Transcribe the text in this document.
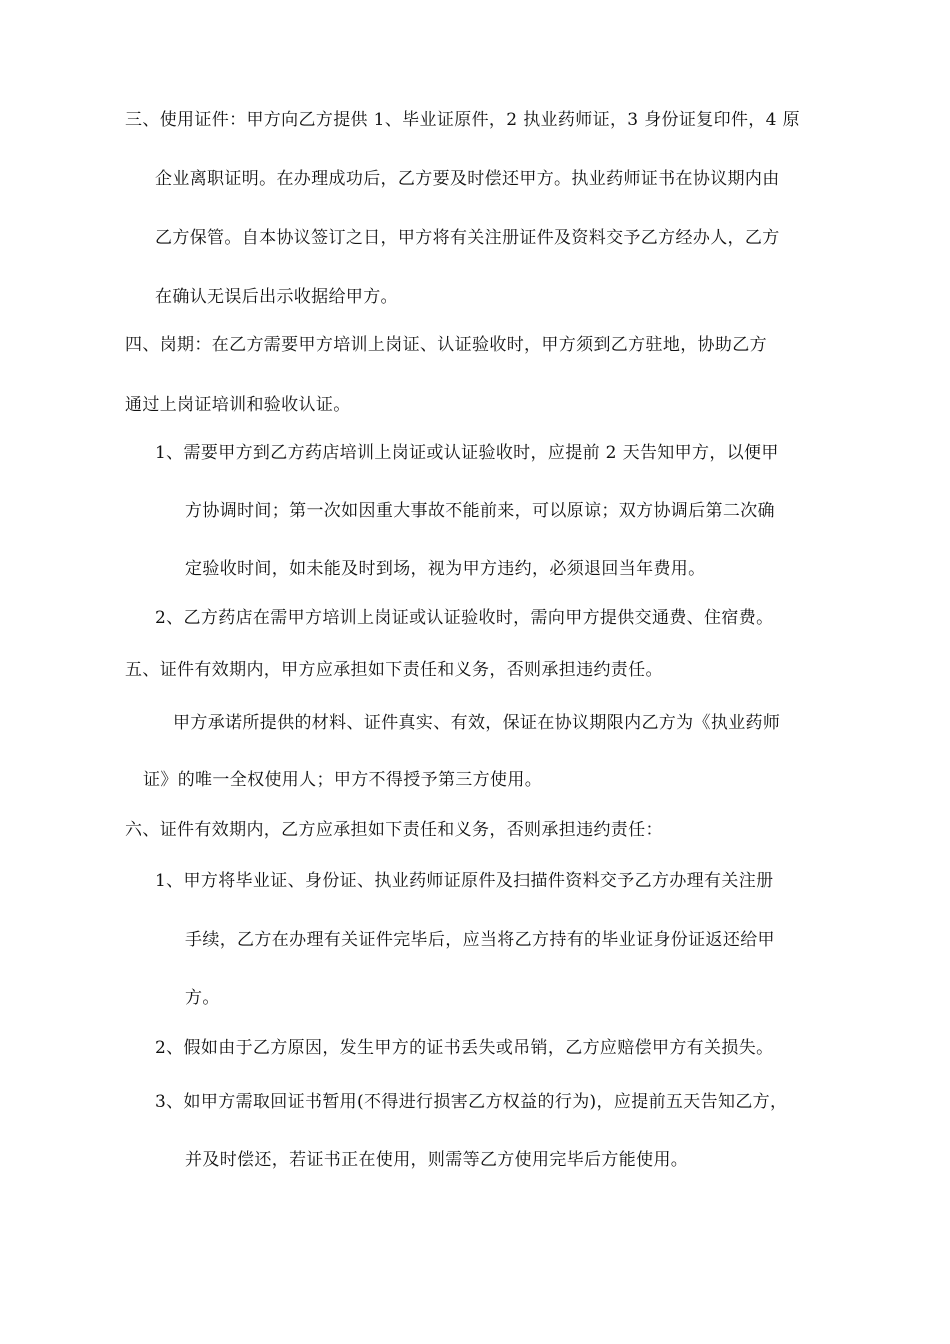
三、使用证件：甲方向乙方提供 1、毕业证原件，2 执业药师证，3 身份证复印件，4 原
企业离职证明。在办理成功后，乙方要及时偿还甲方。执业药师证书在协议期内由
乙方保管。自本协议签订之日，甲方将有关注册证件及资料交予乙方经办人，乙方
在确认无误后出示收据给甲方。
四、岗期：在乙方需要甲方培训上岗证、认证验收时，甲方须到乙方驻地，协助乙方
通过上岗证培训和验收认证。
1、需要甲方到乙方药店培训上岗证或认证验收时，应提前 2 天告知甲方，以便甲
方协调时间；第一次如因重大事故不能前来，可以原谅；双方协调后第二次确
定验收时间，如未能及时到场，视为甲方违约，必须退回当年费用。
2、乙方药店在需甲方培训上岗证或认证验收时，需向甲方提供交通费、住宿费。
五、证件有效期内，甲方应承担如下责任和义务，否则承担违约责任。
甲方承诺所提供的材料、证件真实、有效，保证在协议期限内乙方为《执业药师
证》的唯一全权使用人；甲方不得授予第三方使用。
六、证件有效期内，乙方应承担如下责任和义务，否则承担违约责任：
1、甲方将毕业证、身份证、执业药师证原件及扫描件资料交予乙方办理有关注册
手续，乙方在办理有关证件完毕后，应当将乙方持有的毕业证身份证返还给甲
方。
2、假如由于乙方原因，发生甲方的证书丢失或吊销，乙方应赔偿甲方有关损失。
3、如甲方需取回证书暂用(不得进行损害乙方权益的行为)，应提前五天告知乙方，
并及时偿还，若证书正在使用，则需等乙方使用完毕后方能使用。
